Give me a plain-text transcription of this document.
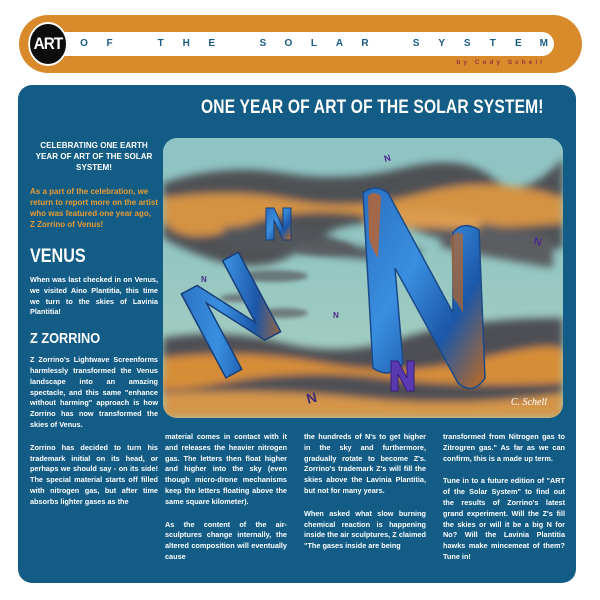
O F	T H E	S O L A R	S Y S T E M
ART
by Cody Schell
ONE YEAR OF ART OF THE SOLAR SYSTEM!

CELEBRATING ONE EARTH YEAR OF ART OF THE SOLAR SYSTEM!

As a part of the celebration, we return to report more on the artist who was featured one year ago, Z Zorrino of Venus!

VENUS

When was last checked in on Venus, we visited Aino Plantitia, this time we turn to the skies of Lavinia Plantitia!

Z ZORRINO

Z Zorrino's Lightwave Screenforms harmlessly transformed the Venus landscape into an amazing spectacle, and this same "enhance without harming" approach is how Zorrino has now transformed the skies of Venus.

Zorrino has decided to turn his trademark initial on its head, or perhaps we should say - on its side! The special material starts off filled with nitrogen gas, but after time absorbs lighter gases as the

N
N
N
N
N	C. Schell

material comes in contact with it and releases the heavier nitrogen gas. The letters then float higher and higher into the sky (even though micro-drone mechanisms keep the letters floating above the same square kilometer).

As the content of the air-sculptures change internally, the altered composition will eventually cause

the hundreds of N's to get higher in the sky and furthermore, gradually rotate to become Z's. Zorrino's trademark Z's will fill the skies above the Lavinia Plantitia, but not for many years.

When asked what slow burning chemical reaction is happening inside the air sculptures, Z claimed "The gases inside are being

transformed from Nitrogen gas to Zitrogren gas." As far as we can confirm, this is a made up term.

Tune in to a future edition of "ART of the Solar System" to find out the results of Zorrino's latest grand experiment. Will the Z's fill the skies or will it be a big N for No? Will the Lavinia Plantitia hawks make mincemeat of them? Tune in!
